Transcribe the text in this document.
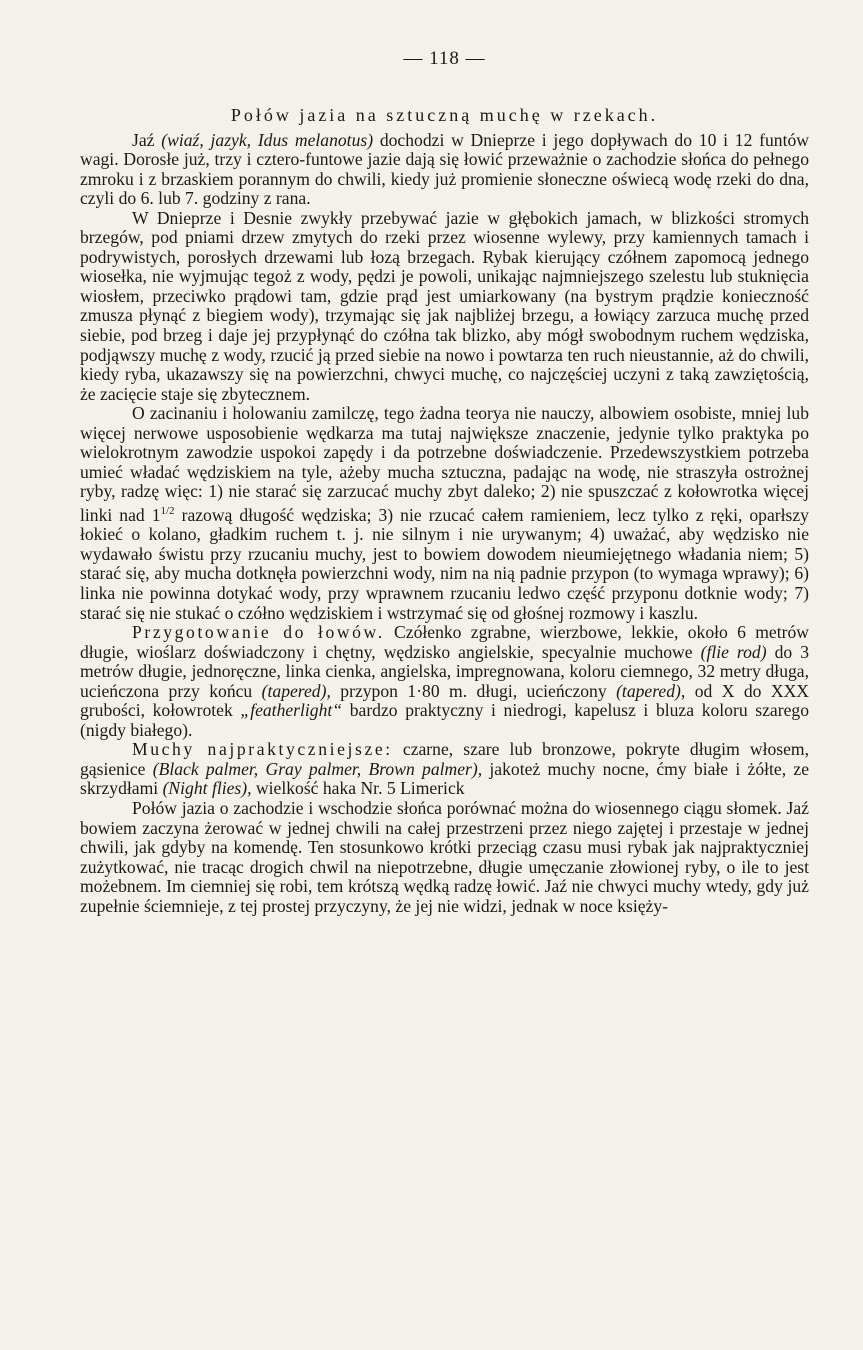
— 118 —

Połów jazia na sztuczną muchę w rzekach.

Jaź (wiaź, jazyk, Idus melanotus) dochodzi w Dnieprze i jego dopływach do 10 i 12 funtów wagi. Dorosłe już, trzy i cztero-funtowe jazie dają się łowić przeważnie o zachodzie słońca do pełnego zmroku i z brzaskiem porannym do chwili, kiedy już promienie słoneczne oświecą wodę rzeki do dna, czyli do 6. lub 7. godziny z rana.

W Dnieprze i Desnie zwykły przebywać jazie w głębokich jamach, w blizkości stromych brzegów, pod pniami drzew zmytych do rzeki przez wiosenne wylewy, przy kamiennych tamach i podrywistych, porosłych drzewami lub łozą brzegach. Rybak kierujący czółnem zapomocą jednego wiosełka, nie wyjmując tegoż z wody, pędzi je powoli, unikając najmniejszego szelestu lub stuknięcia wiosłem, przeciwko prądowi tam, gdzie prąd jest umiarkowany (na bystrym prądzie konieczność zmusza płynąć z biegiem wody), trzymając się jak najbliżej brzegu, a łowiący zarzuca muchę przed siebie, pod brzeg i daje jej przypłynąć do czółna tak blizko, aby mógł swobodnym ruchem wędziska, podjąwszy muchę z wody, rzucić ją przed siebie na nowo i powtarza ten ruch nieustannie, aż do chwili, kiedy ryba, ukazawszy się na powierzchni, chwyci muchę, co najczęściej uczyni z taką zawziętością, że zacięcie staje się zbytecznem.

O zacinaniu i holowaniu zamilczę, tego żadna teorya nie nauczy, albowiem osobiste, mniej lub więcej nerwowe usposobienie wędkarza ma tutaj największe znaczenie, jedynie tylko praktyka po wielokrotnym zawodzie uspokoi zapędy i da potrzebne doświadczenie. Przedewszystkiem potrzeba umieć władać wędziskiem na tyle, ażeby mucha sztuczna, padając na wodę, nie straszyła ostrożnej ryby, radzę więc: 1) nie starać się zarzucać muchy zbyt daleko; 2) nie spuszczać z kołowrotka więcej linki nad $1^{1/2}$ razową długość wędziska; 3) nie rzucać całem ramieniem, lecz tylko z ręki, oparłszy łokieć o kolano, gładkim ruchem t. j. nie silnym i nie urywanym; 4) uważać, aby wędzisko nie wydawało świstu przy rzucaniu muchy, jest to bowiem dowodem nieumiejętnego władania niem; 5) starać się, aby mucha dotknęła powierzchni wody, nim na nią padnie przypon (to wymaga wprawy); 6) linka nie powinna dotykać wody, przy wprawnem rzucaniu ledwo część przyponu dotknie wody; 7) starać się nie stukać o czółno wędziskiem i wstrzymać się od głośnej rozmowy i kaszlu.

Przygotowanie do łowów. Czółenko zgrabne, wierzbowe, lekkie, około 6 metrów długie, wioślarz doświadczony i chętny, wędzisko angielskie, specyalnie muchowe (flie rod) do 3 metrów długie, jednoręczne, linka cienka, angielska, impregnowana, koloru ciemnego, 32 metry długa, ucieńczona przy końcu (tapered), przypon 1·80 m. długi, ucieńczony (tapered), od X do XXX grubości, kołowrotek „featherlight“ bardzo praktyczny i niedrogi, kapelusz i bluza koloru szarego (nigdy białego).

Muchy najpraktyczniejsze: czarne, szare lub bronzowe, pokryte długim włosem, gąsienice (Black palmer, Gray palmer, Brown palmer), jakoteż muchy nocne, ćmy białe i żółte, ze skrzydłami (Night flies), wielkość haka Nr. 5 Limerick

Połów jazia o zachodzie i wschodzie słońca porównać można do wiosennego ciągu słomek. Jaź bowiem zaczyna żerować w jednej chwili na całej przestrzeni przez niego zajętej i przestaje w jednej chwili, jak gdyby na komendę. Ten stosunkowo krótki przeciąg czasu musi rybak jak najpraktyczniej zużytkować, nie tracąc drogich chwil na niepotrzebne, długie umęczanie złowionej ryby, o ile to jest możebnem. Im ciemniej się robi, tem krótszą wędką radzę łowić. Jaź nie chwyci muchy wtedy, gdy już zupełnie ściemnieje, z tej prostej przyczyny, że jej nie widzi, jednak w noce księży-
